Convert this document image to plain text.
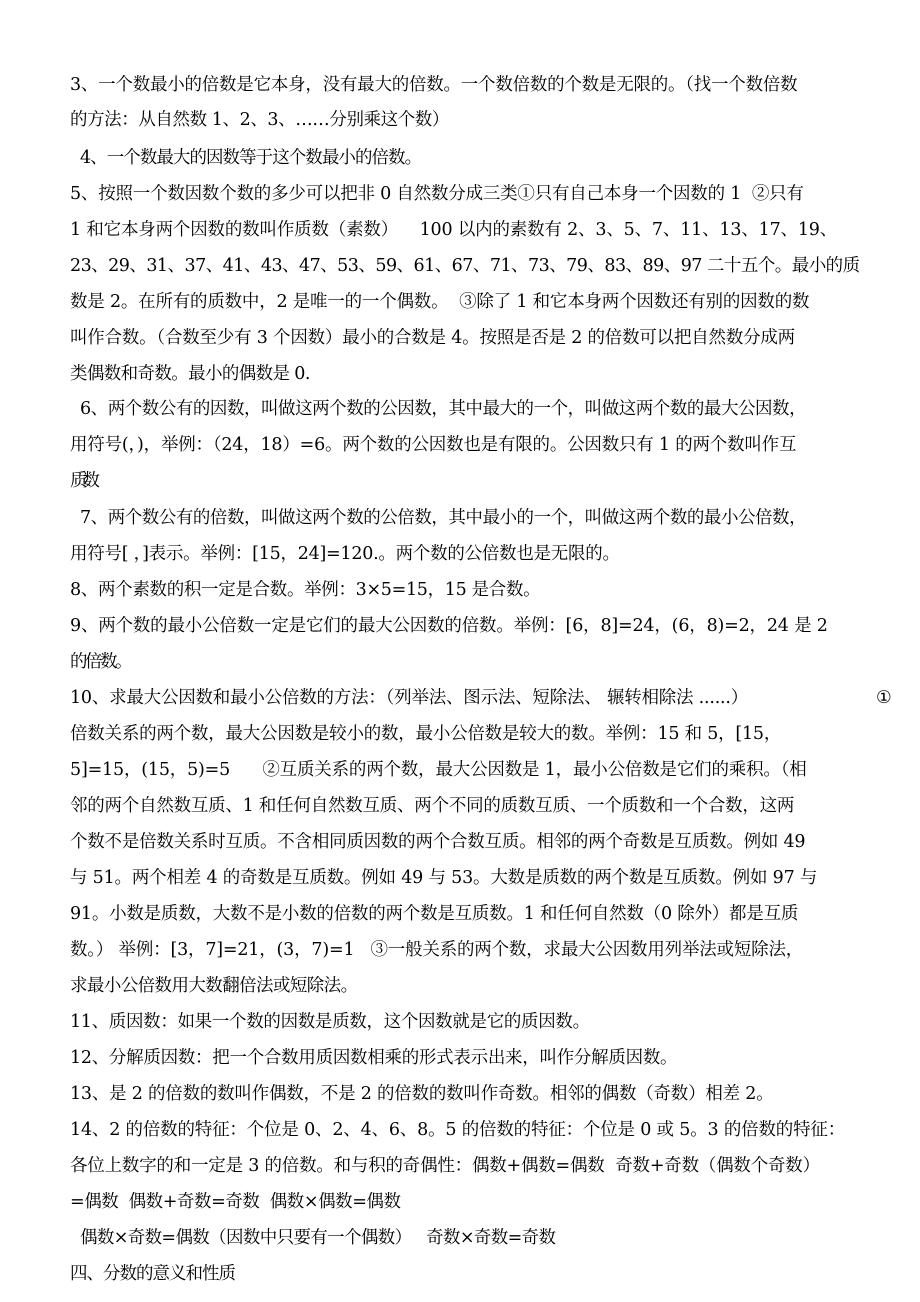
3、一个数最小的倍数是它本身，没有最大的倍数。一个数倍数的个数是无限的。（找一个数倍数
的方法：从自然数 1、2、3、……分别乘这个数）
4、一个数最大的因数等于这个数最小的倍数。
5、按照一个数因数个数的多少可以把非 0 自然数分成三类①只有自己本身一个因数的 1  ②只有
1 和它本身两个因数的数叫作质数（素数）    100 以内的素数有 2、3、5、7、11、13、17、19、
23、29、31、37、41、43、47、53、59、61、67、71、73、79、83、89、97 二十五个。最小的质
数是 2。在所有的质数中，2 是唯一的一个偶数。  ③除了 1 和它本身两个因数还有别的因数的数
叫作合数。（合数至少有 3 个因数）最小的合数是 4。按照是否是 2 的倍数可以把自然数分成两
类偶数和奇数。最小的偶数是 0.
6、两个数公有的因数，叫做这两个数的公因数，其中最大的一个，叫做这两个数的最大公因数，
用符号(，)，举例：（24，18）=6。两个数的公因数也是有限的。公因数只有 1 的两个数叫作互
质数
7、两个数公有的倍数，叫做这两个数的公倍数，其中最小的一个，叫做这两个数的最小公倍数，
用符号[ ，]表示。举例：[15，24]=120.。两个数的公倍数也是无限的。
8、两个素数的积一定是合数。举例：3×5=15，15 是合数。
9、两个数的最小公倍数一定是它们的最大公因数的倍数。举例：[6，8]=24，(6，8)=2，24 是 2
的倍数。
10、求最大公因数和最小公倍数的方法：（列举法、图示法、短除法、 辗转相除法 ......）	①
倍数关系的两个数，最大公因数是较小的数，最小公倍数是较大的数。举例：15 和 5，[15，
5]=15，(15，5)=5      ②互质关系的两个数，最大公因数是 1，最小公倍数是它们的乘积。（相
邻的两个自然数互质、1 和任何自然数互质、两个不同的质数互质、一个质数和一个合数，这两
个数不是倍数关系时互质。不含相同质因数的两个合数互质。相邻的两个奇数是互质数。例如 49
与 51。两个相差 4 的奇数是互质数。例如 49 与 53。大数是质数的两个数是互质数。例如 97 与
91。小数是质数，大数不是小数的倍数的两个数是互质数。1 和任何自然数（0 除外）都是互质
数。） 举例：[3，7]=21，(3，7)=1   ③一般关系的两个数，求最大公因数用列举法或短除法，
求最小公倍数用大数翻倍法或短除法。
11、质因数：如果一个数的因数是质数，这个因数就是它的质因数。
12、分解质因数：把一个合数用质因数相乘的形式表示出来，叫作分解质因数。
13、是 2 的倍数的数叫作偶数，不是 2 的倍数的数叫作奇数。相邻的偶数（奇数）相差 2。
14、2 的倍数的特征：个位是 0、2、4、6、8。5 的倍数的特征：个位是 0 或 5。3 的倍数的特征：
各位上数字的和一定是 3 的倍数。和与积的奇偶性：偶数+偶数=偶数  奇数+奇数（偶数个奇数）
=偶数  偶数+奇数=奇数  偶数×偶数=偶数
偶数×奇数=偶数（因数中只要有一个偶数）   奇数×奇数=奇数
四、分数的意义和性质
